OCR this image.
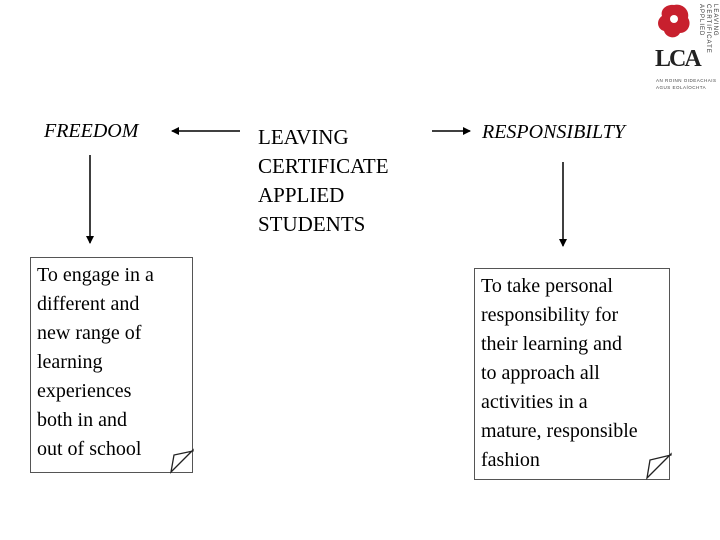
FREEDOM	RESPONSIBILTY
LEAVING
CERTIFICATE
APPLIED
STUDENTS
To engage in a
different and
new range of
learning
experiences
both in and
out of school
To take personal
responsibility for
their learning and
to approach all
activities in a
mature, responsible
fashion
LCA
LEAVING CERTIFICATE APPLIED
AN ROINN OIDEACHAIS
AGUS EOLAÍOCHTA
